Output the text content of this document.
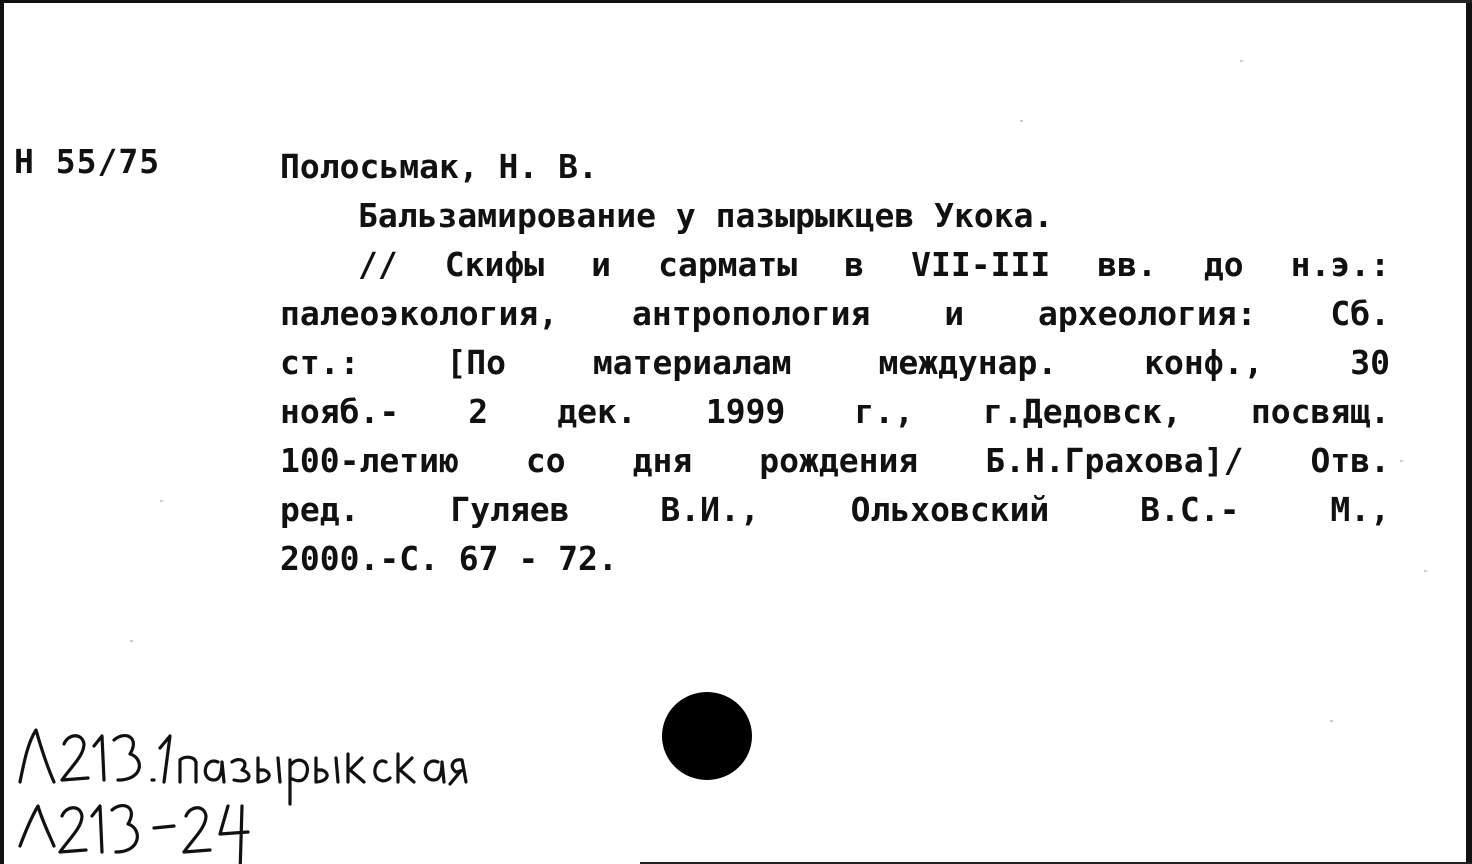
Н 55/75	Полосьмак, Н. В.
Бальзамирование у пазырыкцев Укока.
// Скифы и сарматы в VII-III вв. до н.э.:
палеоэкология, антропология и археология: Сб.
ст.: [По материалам междунар. конф., 30
нояб.- 2 дек. 1999 г., г.Дедовск, посвящ.
100-летию со дня рождения Б.Н.Грахова]/ Отв.
ред. Гуляев В.И., Ольховский В.С.- М.,
2000.-С. 67 - 72.
